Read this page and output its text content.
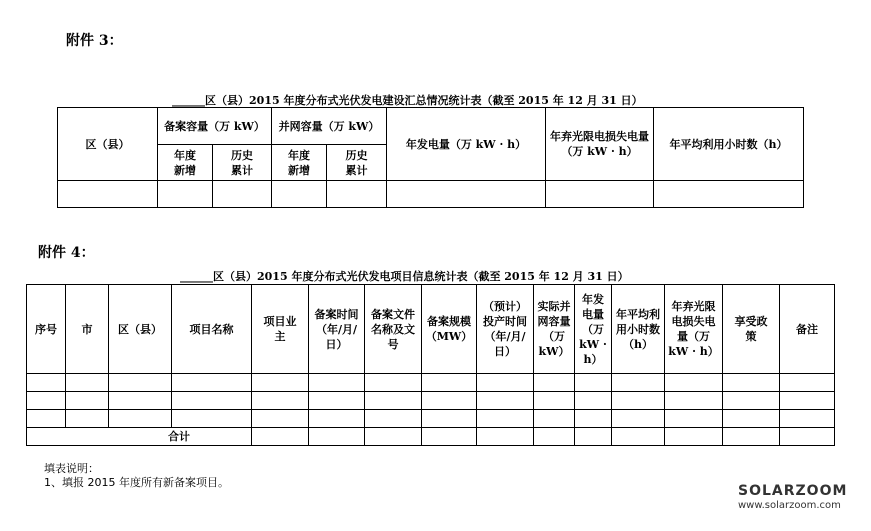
附件 3：
______区（县）2015 年度分布式光伏发电建设汇总情况统计表（截至 2015 年 12 月 31 日）
区（县）	备案容量（万 kW）		并网容量（万 kW）		年发电量（万 kW · h）	年弃光限电损失电量（万 kW · h）	年平均利用小时数（h）
	年度新增	历史累计	年度新增	历史累计			

附件 4：
______区（县）2015 年度分布式光伏发电项目信息统计表（截至 2015 年 12 月 31 日）
序号	市	区（县）	项目名称	项目业主	备案时间（年/月/日）	备案文件名称及文号	备案规模（MW）	（预计）投产时间（年/月/日）	实际并网容量（万kW）	年发电量（万kW · h）	年平均利用小时数（h）	年弃光限电损失电量（万kW · h）	享受政策	备注

合计														
填表说明：
1、填报 2015 年度所有新备案项目。
SOLARZOOM
www.solarzoom.com
